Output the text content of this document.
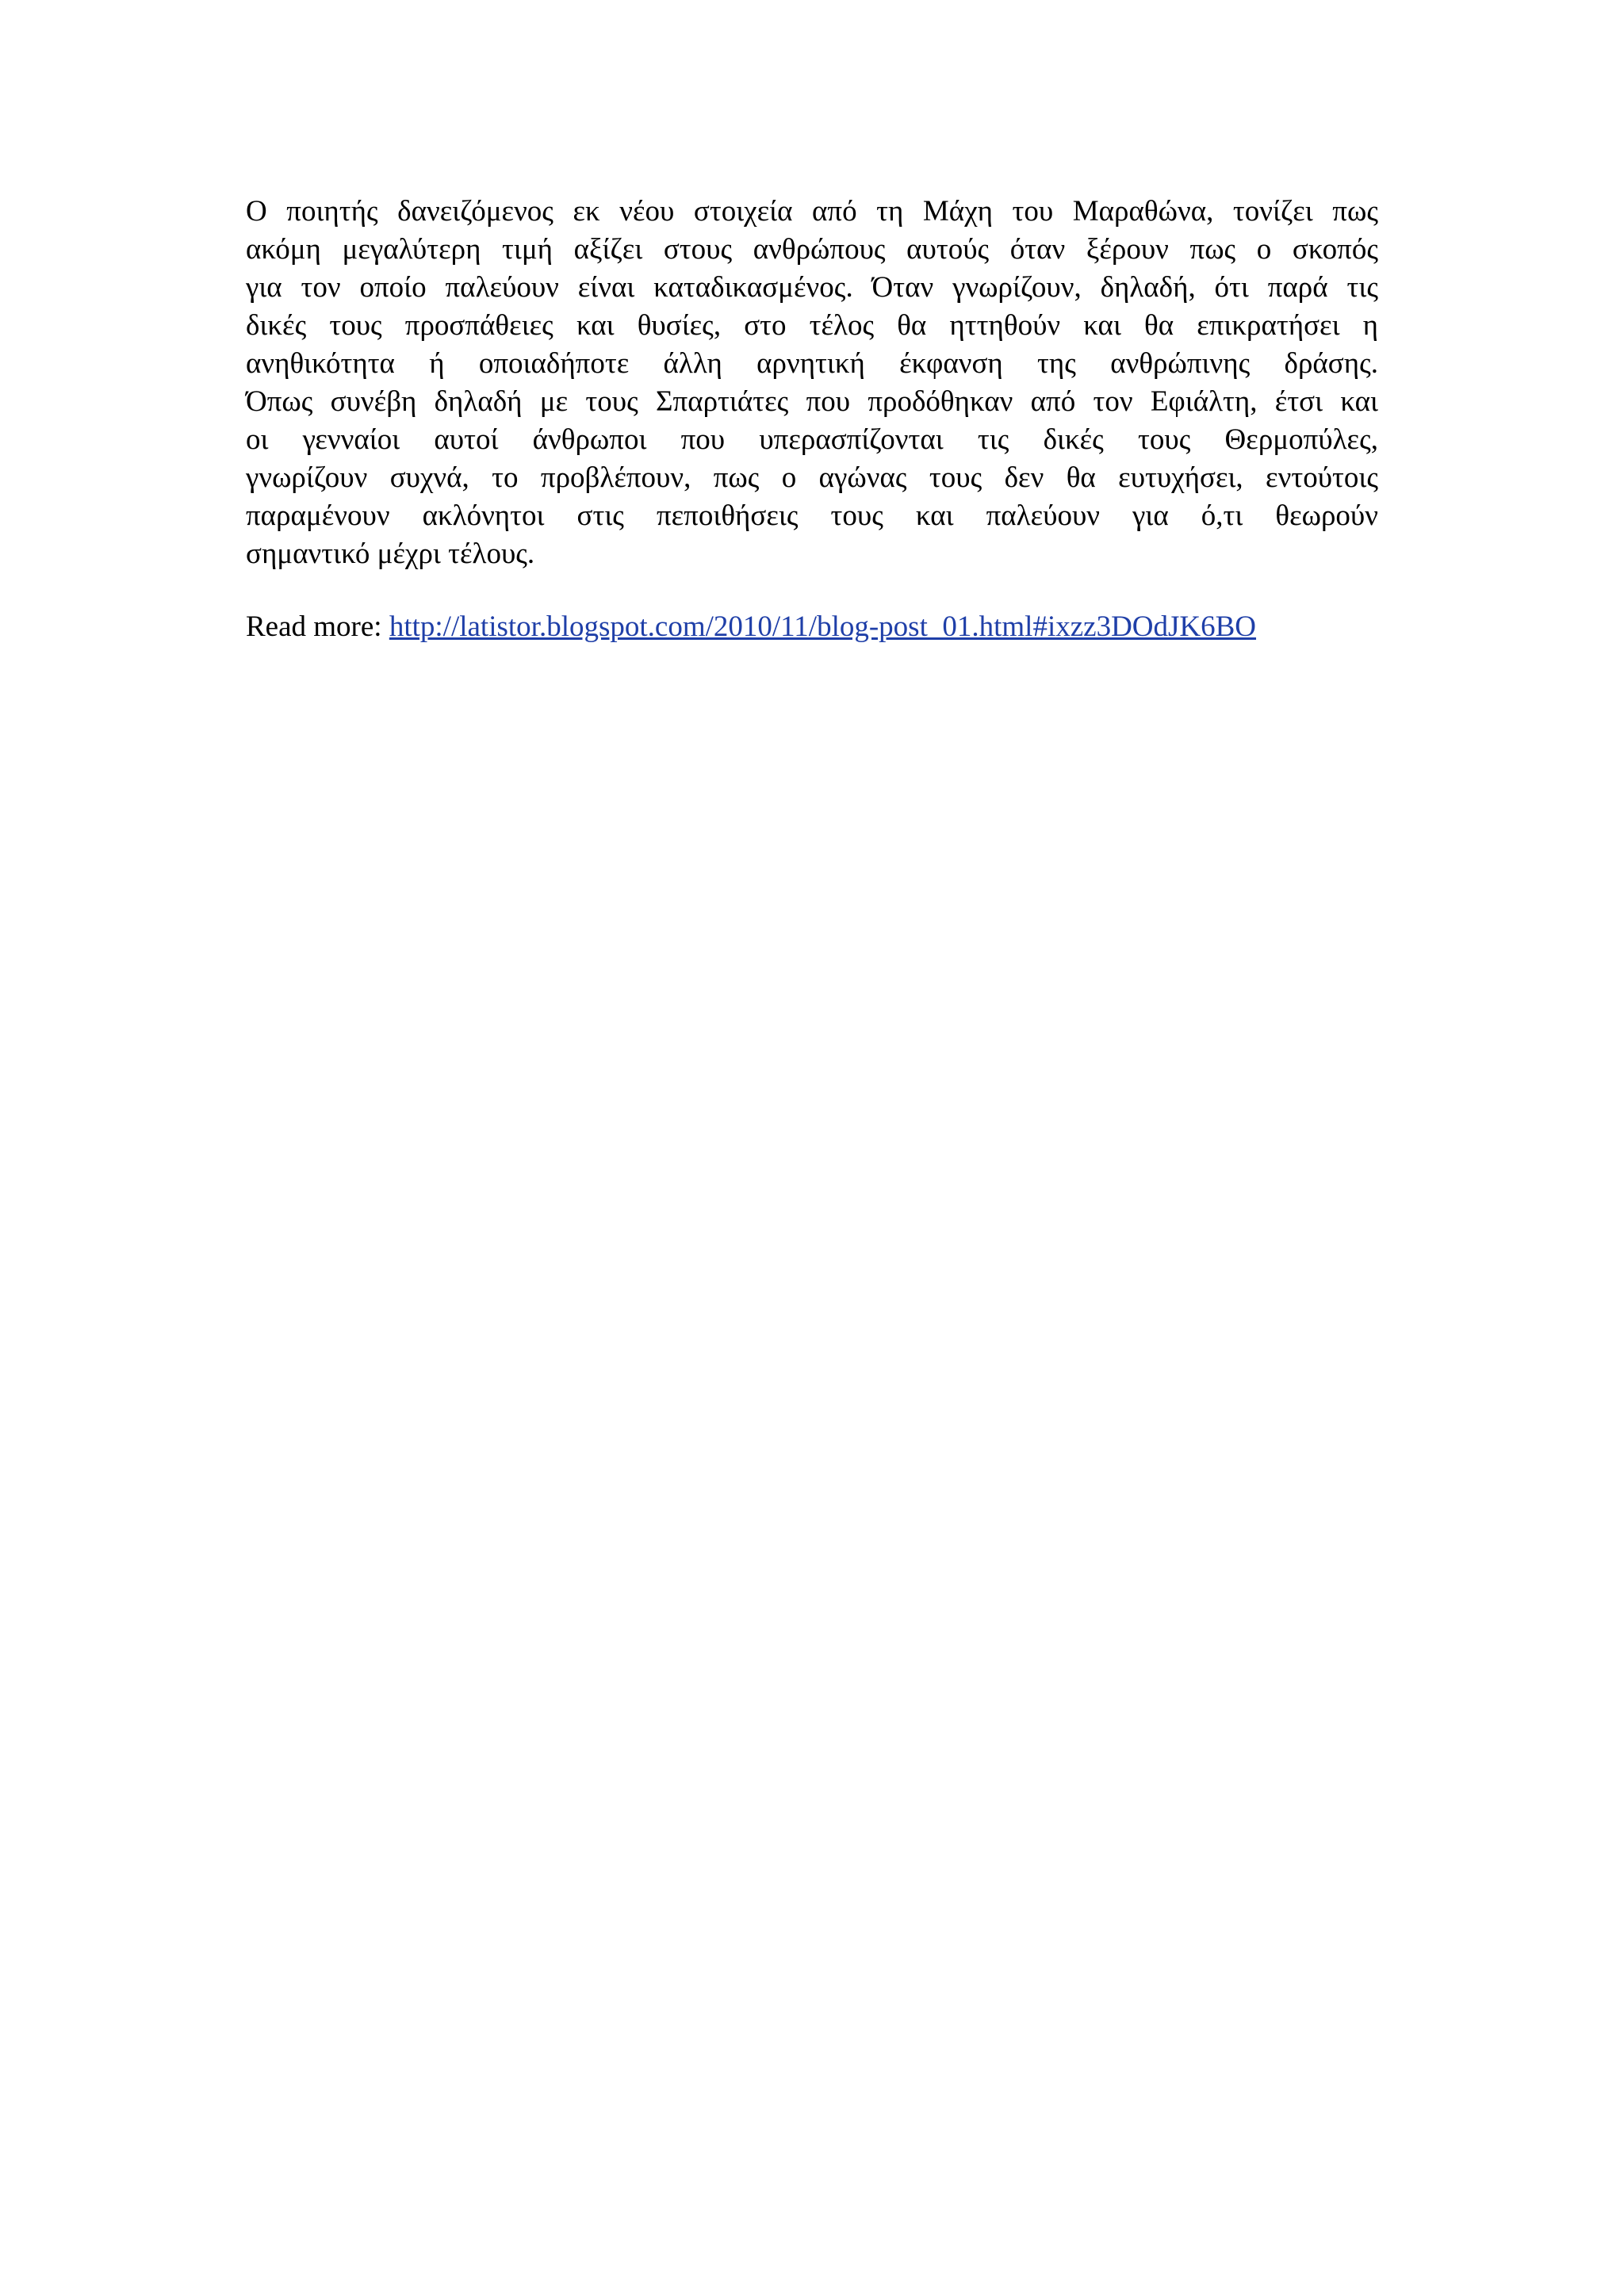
Ο ποιητής δανειζόμενος εκ νέου στοιχεία από τη Μάχη του Μαραθώνα, τονίζει πως
ακόμη μεγαλύτερη τιμή αξίζει στους ανθρώπους αυτούς όταν ξέρουν πως ο σκοπός
για τον οποίο παλεύουν είναι καταδικασμένος. Όταν γνωρίζουν, δηλαδή, ότι παρά τις
δικές τους προσπάθειες και θυσίες, στο τέλος θα ηττηθούν και θα επικρατήσει η
ανηθικότητα ή οποιαδήποτε άλλη αρνητική έκφανση της ανθρώπινης δράσης.
Όπως συνέβη δηλαδή με τους Σπαρτιάτες που προδόθηκαν από τον Εφιάλτη, έτσι και
οι γενναίοι αυτοί άνθρωποι που υπερασπίζονται τις δικές τους Θερμοπύλες,
γνωρίζουν συχνά, το προβλέπουν, πως ο αγώνας τους δεν θα ευτυχήσει, εντούτοις
παραμένουν ακλόνητοι στις πεποιθήσεις τους και παλεύουν για ό,τι θεωρούν
σημαντικό μέχρι τέλους.
Read more: http://latistor.blogspot.com/2010/11/blog-post_01.html#ixzz3DOdJK6BO
